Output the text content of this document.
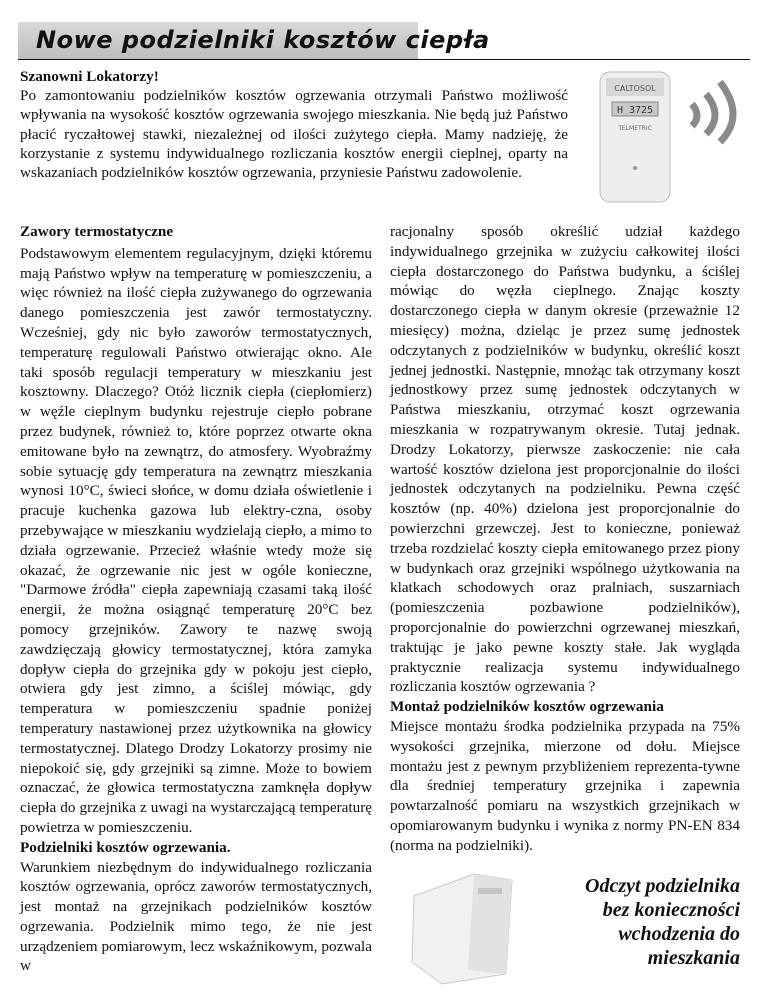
Nowe podzielniki kosztów ciepła

Szanowni Lokatorzy!

Po zamontowaniu podzielników kosztów ogrzewania otrzymali Państwo możliwość wpływania na wysokość kosztów ogrzewania swojego mieszkania. Nie będą już Państwo płacić ryczałtowej stawki, niezależnej od ilości zużytego ciepła. Mamy nadzieję, że korzystanie z systemu indywidualnego rozliczania kosztów energii cieplnej, oparty na wskazaniach podzielników kosztów ogrzewania, przyniesie Państwu zadowolenie.

CALTOSOL
H 3725
TELMETRIC
Zawory termostatyczne

Podstawowym elementem regulacyjnym, dzięki któremu mają Państwo wpływ na temperaturę w pomieszczeniu, a więc również na ilość ciepła zużywanego do ogrzewania danego pomieszczenia jest zawór termostatyczny. Wcześniej, gdy nic było zaworów termostatycznych, temperaturę regulowali Państwo otwierając okno. Ale taki sposób regulacji temperatury w mieszkaniu jest kosztowny. Dlaczego? Otóż licznik ciepła (ciepłomierz) w węźle cieplnym budynku rejestruje ciepło pobrane przez budynek, również to, które poprzez otwarte okna emitowane było na zewnątrz, do atmosfery. Wyobraźmy sobie sytuację gdy temperatura na zewnątrz mieszkania wynosi 10°C, świeci słońce, w domu działa oświetlenie i pracuje kuchenka gazowa lub elektry-czna, osoby przebywające w mieszkaniu wydzielają ciepło, a mimo to działa ogrzewanie. Przecież właśnie wtedy może się okazać, że ogrzewanie nic jest w ogóle konieczne, "Darmowe źródła" ciepła zapewniają czasami taką ilość energii, że można osiągnąć temperaturę 20°C bez pomocy grzejników. Zawory te nazwę swoją zawdzięczają głowicy termostatycznej, która zamyka dopływ ciepła do grzejnika gdy w pokoju jest ciepło, otwiera gdy jest zimno, a ściślej mówiąc, gdy temperatura w pomieszczeniu spadnie poniżej temperatury nastawionej przez użytkownika na głowicy termostatycznej. Dlatego Drodzy Lokatorzy prosimy nie niepokoić się, gdy grzejniki są zimne. Może to bowiem oznaczać, że głowica termostatyczna zamknęła dopływ ciepła do grzejnika z uwagi na wystarczającą temperaturę powietrza w pomieszczeniu.

Podzielniki kosztów ogrzewania.

Warunkiem niezbędnym do indywidualnego rozliczania kosztów ogrzewania, oprócz zaworów termostatycznych, jest montaż na grzejnikach podzielników kosztów ogrzewania. Podzielnik mimo tego, że nie jest urządzeniem pomiarowym, lecz wskaźnikowym, pozwala w

racjonalny sposób określić udział każdego indywidualnego grzejnika w zużyciu całkowitej ilości ciepła dostarczonego do Państwa budynku, a ściślej mówiąc do węzła cieplnego. Znając koszty dostarczonego ciepła w danym okresie (przeważnie 12 miesięcy) można, dzieląc je przez sumę jednostek odczytanych z podzielników w budynku, określić koszt jednej jednostki. Następnie, mnożąc tak otrzymany koszt jednostkowy przez sumę jednostek odczytanych w Państwa mieszkaniu, otrzymać koszt ogrzewania mieszkania w rozpatrywanym okresie. Tutaj jednak. Drodzy Lokatorzy, pierwsze zaskoczenie: nie cała wartość kosztów dzielona jest proporcjonalnie do ilości jednostek odczytanych na podzielniku. Pewna część kosztów (np. 40%) dzielona jest proporcjonalnie do powierzchni grzewczej. Jest to konieczne, ponieważ trzeba rozdzielać koszty ciepła emitowanego przez piony w budynkach oraz grzejniki wspólnego użytkowania na klatkach schodowych oraz pralniach, suszarniach (pomieszczenia pozbawione podzielników), proporcjonalnie do powierzchni ogrzewanej mieszkań, traktując je jako pewne koszty stałe. Jak wygląda praktycznie realizacja systemu indywidualnego rozliczania kosztów ogrzewania ?

Montaż podzielników kosztów ogrzewania

Miejsce montażu środka podzielnika przypada na 75% wysokości grzejnika, mierzone od dołu. Miejsce montażu jest z pewnym przybliżeniem reprezenta-tywne dla średniej temperatury grzejnika i zapewnia powtarzalność pomiaru na wszystkich grzejnikach w opomiarowanym budynku i wynika z normy PN-EN 834 (norma na podzielniki).

Odczyt podzielnika
bez konieczności
wchodzenia do
mieszkania
